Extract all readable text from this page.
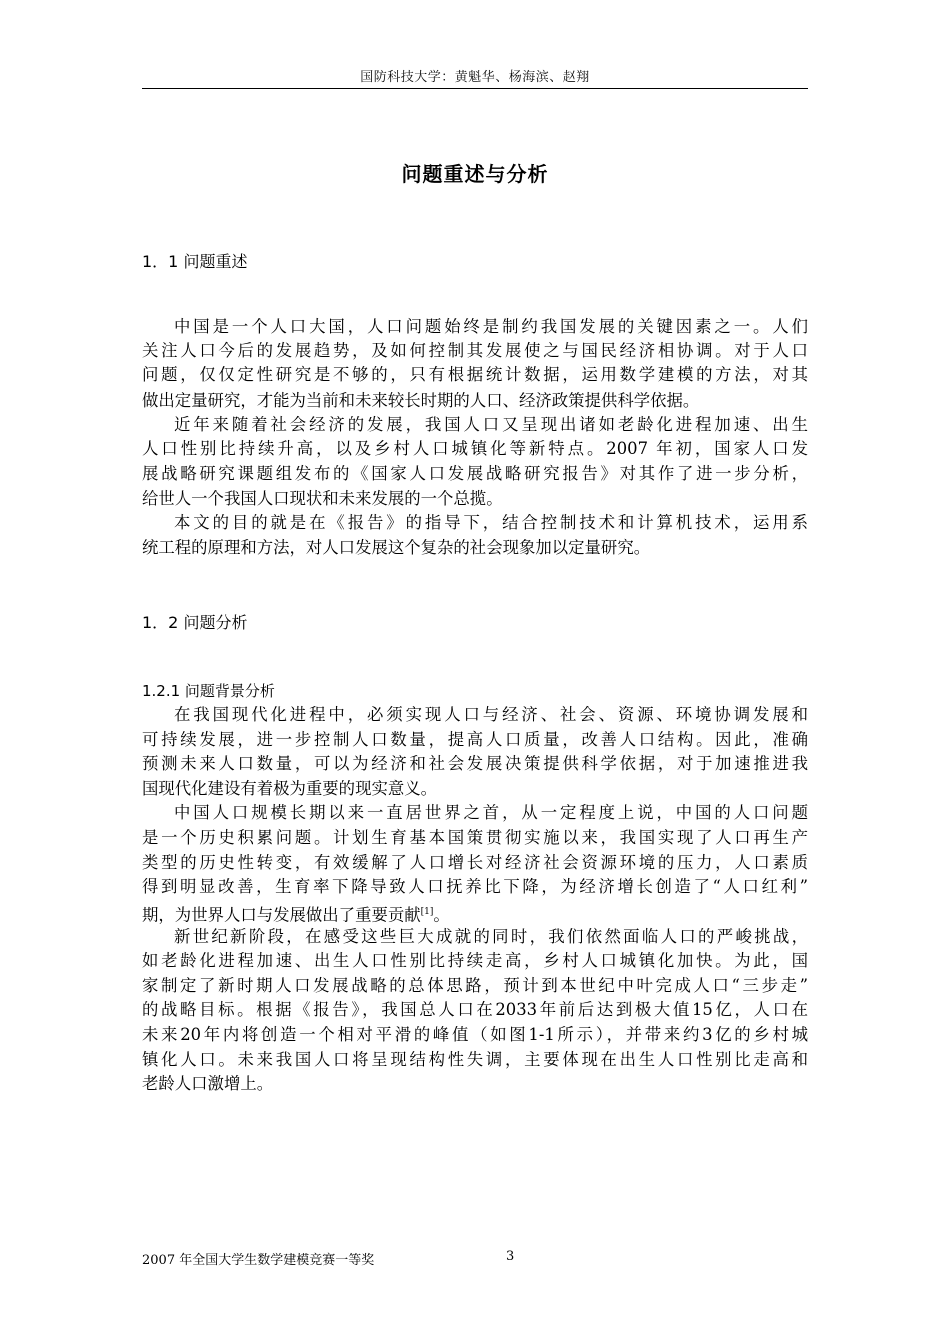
国防科技大学：黄魁华、杨海滨、赵翔
问题重述与分析
1．1 问题重述
中国是一个人口大国，人口问题始终是制约我国发展的关键因素之一。人们
关注人口今后的发展趋势，及如何控制其发展使之与国民经济相协调。对于人口
问题，仅仅定性研究是不够的，只有根据统计数据，运用数学建模的方法，对其
做出定量研究，才能为当前和未来较长时期的人口、经济政策提供科学依据。
近年来随着社会经济的发展，我国人口又呈现出诸如老龄化进程加速、出生
人口性别比持续升高，以及乡村人口城镇化等新特点。2007 年初，国家人口发
展战略研究课题组发布的《国家人口发展战略研究报告》对其作了进一步分析，
给世人一个我国人口现状和未来发展的一个总揽。
本文的目的就是在《报告》的指导下，结合控制技术和计算机技术，运用系
统工程的原理和方法，对人口发展这个复杂的社会现象加以定量研究。
1．2 问题分析
1.2.1 问题背景分析
在我国现代化进程中，必须实现人口与经济、社会、资源、环境协调发展和
可持续发展，进一步控制人口数量，提高人口质量，改善人口结构。因此，准确
预测未来人口数量，可以为经济和社会发展决策提供科学依据，对于加速推进我
国现代化建设有着极为重要的现实意义。
中国人口规模长期以来一直居世界之首，从一定程度上说，中国的人口问题
是一个历史积累问题。计划生育基本国策贯彻实施以来，我国实现了人口再生产
类型的历史性转变，有效缓解了人口增长对经济社会资源环境的压力，人口素质
得到明显改善，生育率下降导致人口抚养比下降，为经济增长创造了“人口红利”
期，为世界人口与发展做出了重要贡献[1]。
新世纪新阶段，在感受这些巨大成就的同时，我们依然面临人口的严峻挑战，
如老龄化进程加速、出生人口性别比持续走高，乡村人口城镇化加快。为此，国
家制定了新时期人口发展战略的总体思路，预计到本世纪中叶完成人口“三步走”
的战略目标。根据《报告》，我国总人口在2033年前后达到极大值15亿，人口在
未来20年内将创造一个相对平滑的峰值（如图1-1所示），并带来约3亿的乡村城
镇化人口。未来我国人口将呈现结构性失调，主要体现在出生人口性别比走高和
老龄人口激增上。
2007 年全国大学生数学建模竞赛一等奖	3
